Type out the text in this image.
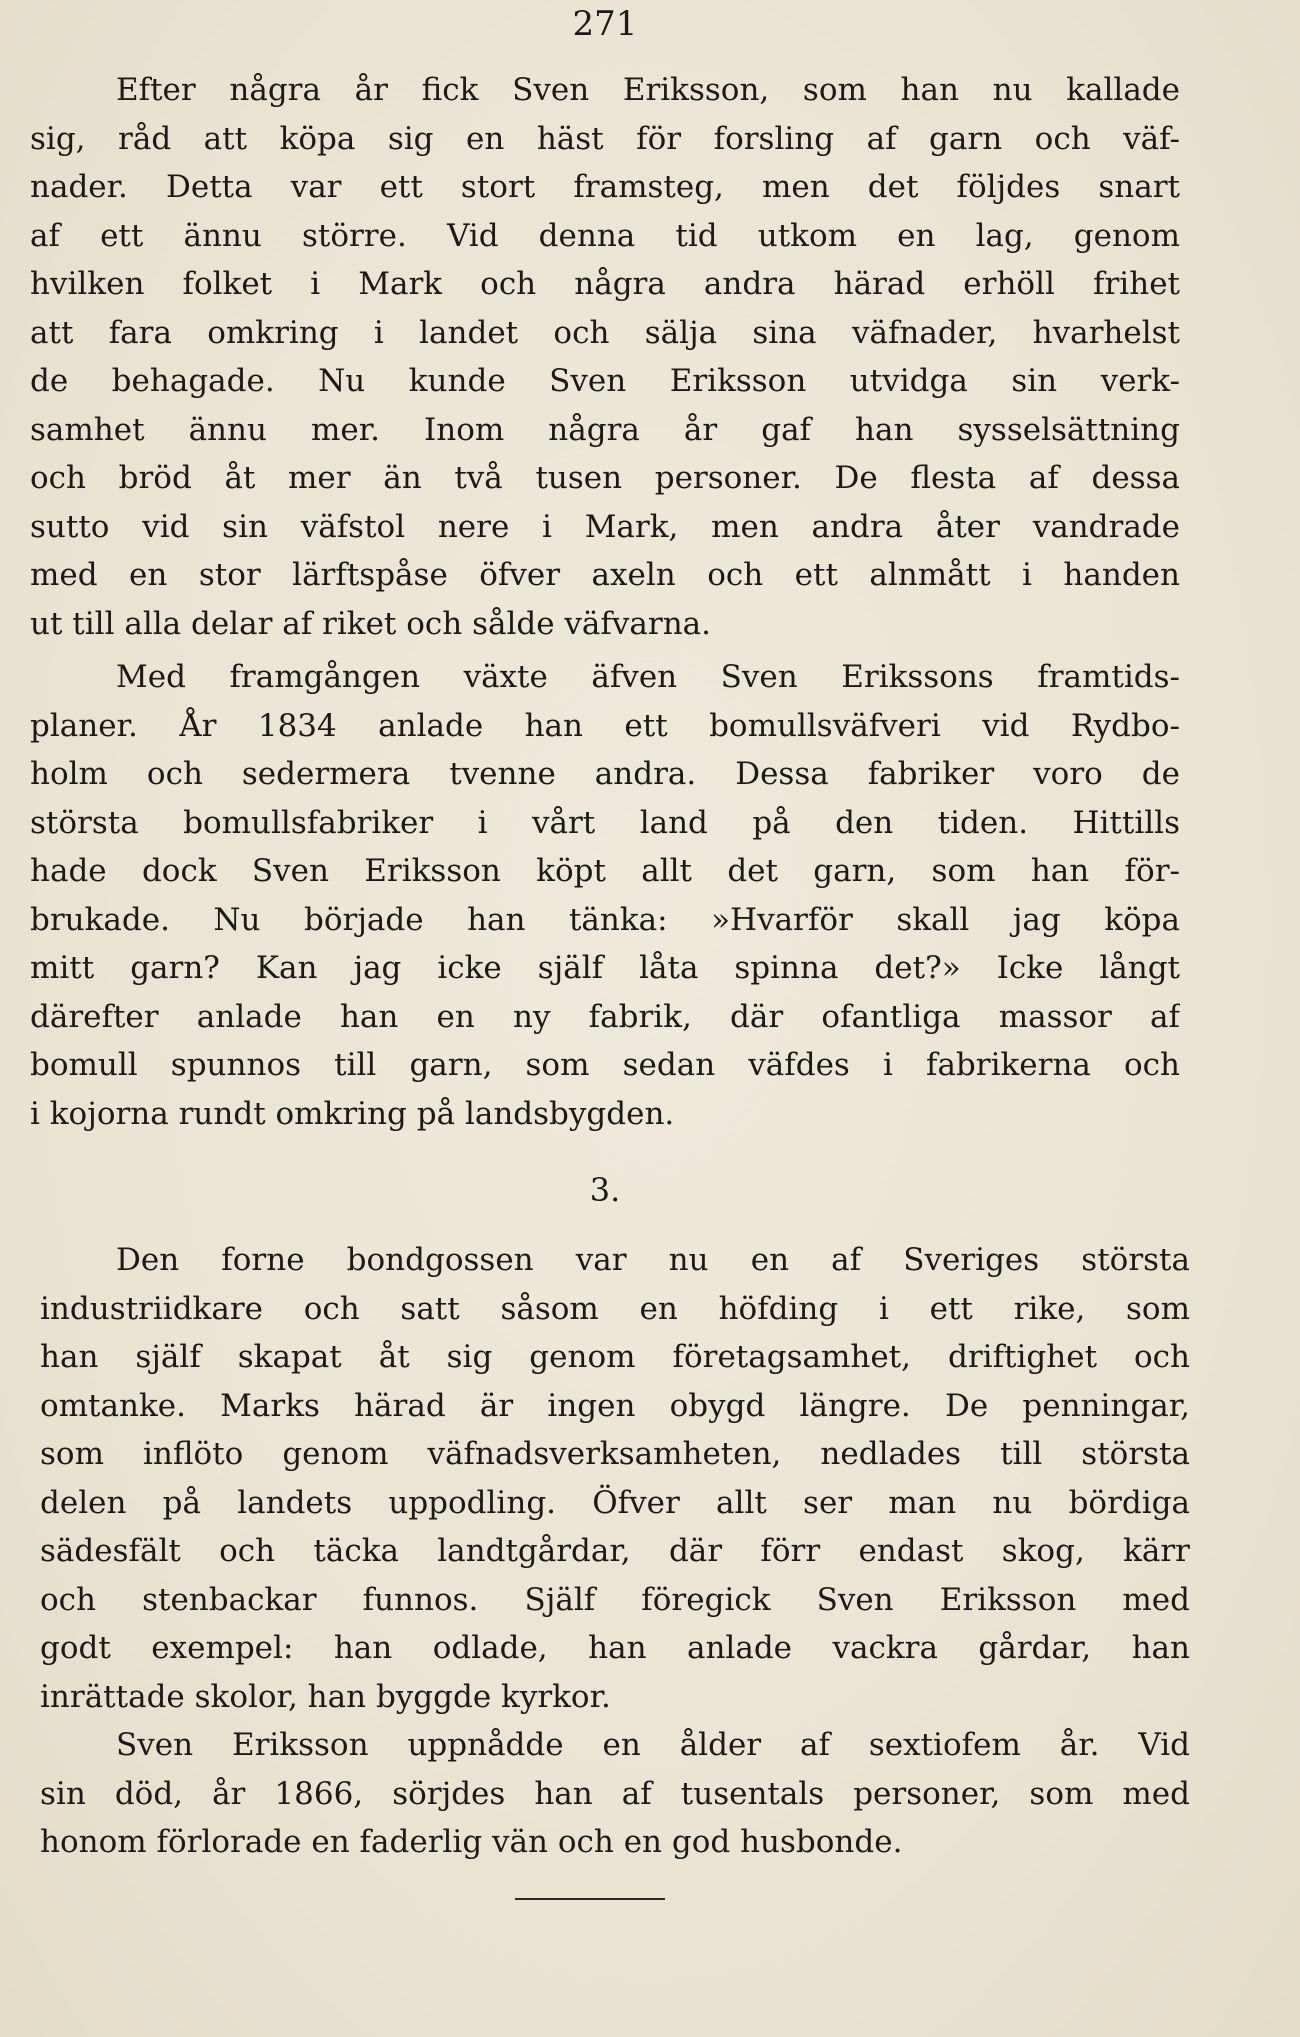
271
Efter några år fick Sven Eriksson, som han nu kallade
sig, råd att köpa sig en häst för forsling af garn och väf-
nader. Detta var ett stort framsteg, men det följdes snart
af ett ännu större. Vid denna tid utkom en lag, genom
hvilken folket i Mark och några andra härad erhöll frihet
att fara omkring i landet och sälja sina väfnader, hvarhelst
de behagade. Nu kunde Sven Eriksson utvidga sin verk-
samhet ännu mer. Inom några år gaf han sysselsättning
och bröd åt mer än två tusen personer. De flesta af dessa
sutto vid sin väfstol nere i Mark, men andra åter vandrade
med en stor lärftspåse öfver axeln och ett alnmått i handen
ut till alla delar af riket och sålde väfvarna.
Med framgången växte äfven Sven Erikssons framtids-
planer. År 1834 anlade han ett bomullsväfveri vid Rydbo-
holm och sedermera tvenne andra. Dessa fabriker voro de
största bomullsfabriker i vårt land på den tiden. Hittills
hade dock Sven Eriksson köpt allt det garn, som han för-
brukade. Nu började han tänka: »Hvarför skall jag köpa
mitt garn? Kan jag icke själf låta spinna det?» Icke långt
därefter anlade han en ny fabrik, där ofantliga massor af
bomull spunnos till garn, som sedan väfdes i fabrikerna och
i kojorna rundt omkring på landsbygden.
3.
Den forne bondgossen var nu en af Sveriges största
industriidkare och satt såsom en höfding i ett rike, som
han själf skapat åt sig genom företagsamhet, driftighet och
omtanke. Marks härad är ingen obygd längre. De penningar,
som inflöto genom väfnadsverksamheten, nedlades till största
delen på landets uppodling. Öfver allt ser man nu bördiga
sädesfält och täcka landtgårdar, där förr endast skog, kärr
och stenbackar funnos. Själf föregick Sven Eriksson med
godt exempel: han odlade, han anlade vackra gårdar, han
inrättade skolor, han byggde kyrkor.
Sven Eriksson uppnådde en ålder af sextiofem år. Vid
sin död, år 1866, sörjdes han af tusentals personer, som med
honom förlorade en faderlig vän och en god husbonde.
